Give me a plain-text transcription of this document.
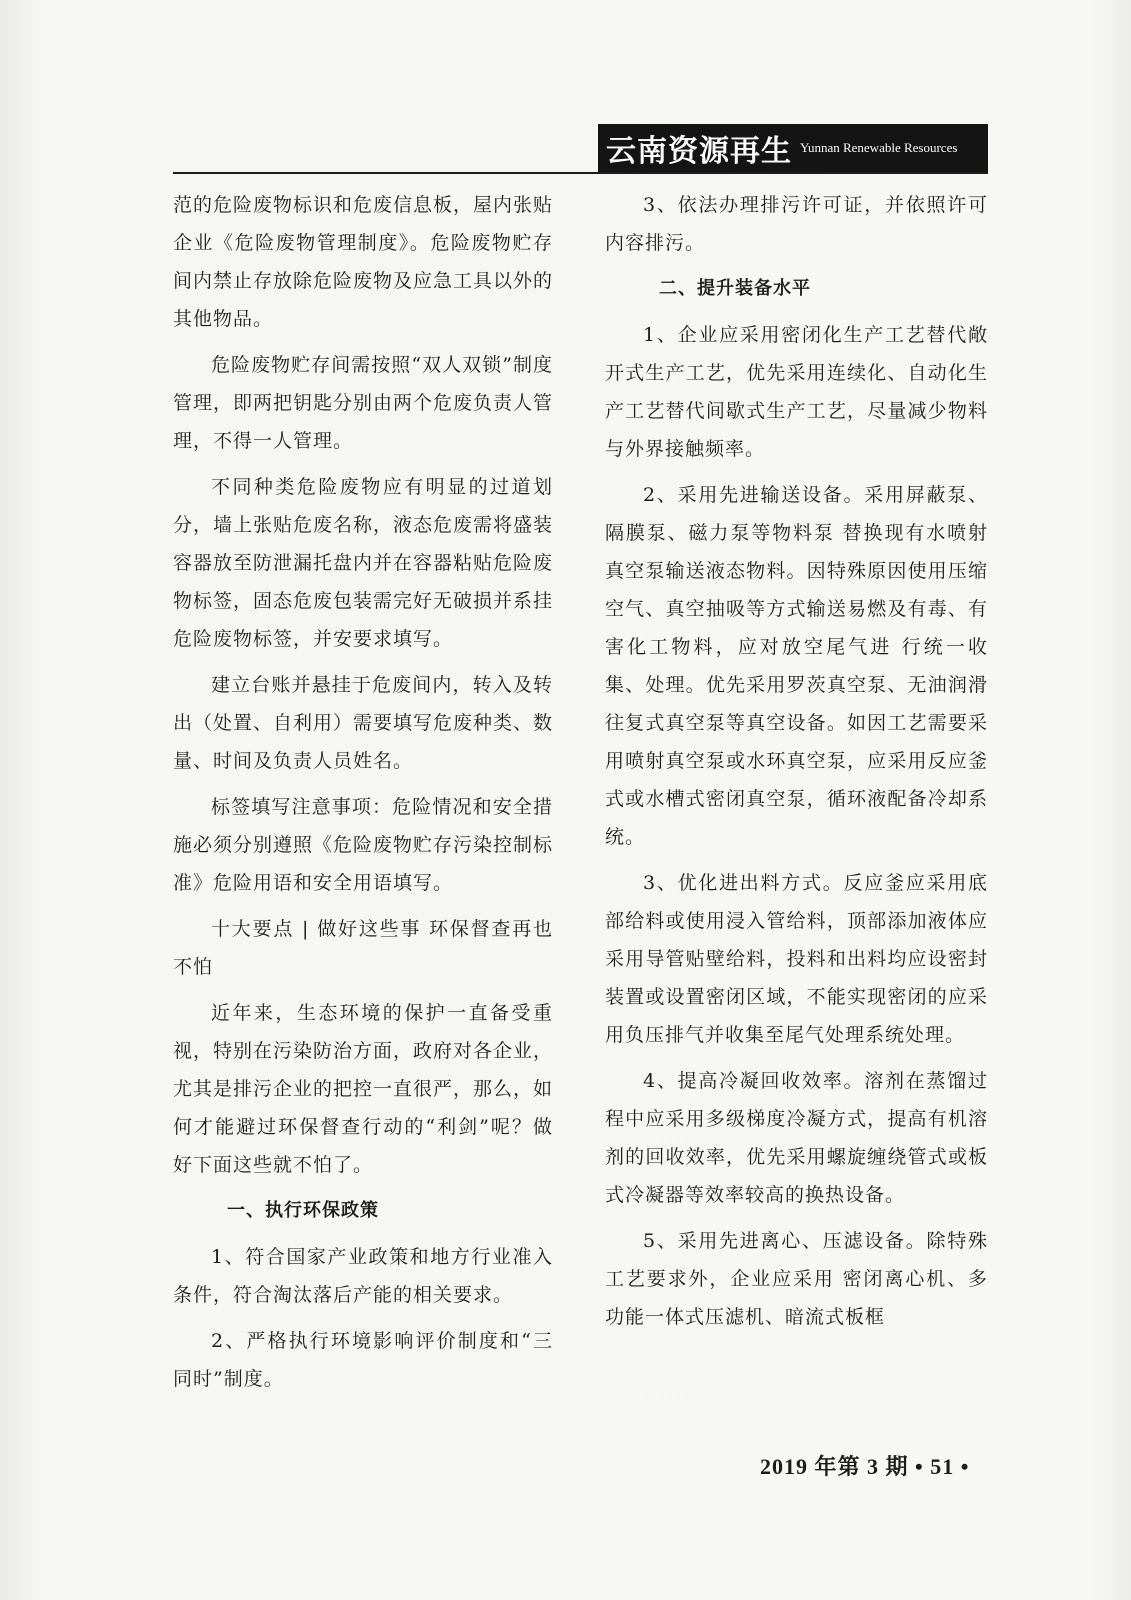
云南资源再生 Yunnan Renewable Resources

范的危险废物标识和危废信息板，屋内张贴企业《危险废物管理制度》。危险废物贮存间内禁止存放除危险废物及应急工具以外的其他物品。

危险废物贮存间需按照“双人双锁”制度管理，即两把钥匙分别由两个危废负责人管理，不得一人管理。

不同种类危险废物应有明显的过道划分，墙上张贴危废名称，液态危废需将盛装容器放至防泄漏托盘内并在容器粘贴危险废物标签，固态危废包装需完好无破损并系挂危险废物标签，并安要求填写。

建立台账并悬挂于危废间内，转入及转出（处置、自利用）需要填写危废种类、数量、时间及负责人员姓名。

标签填写注意事项：危险情况和安全措施必须分别遵照《危险废物贮存污染控制标准》危险用语和安全用语填写。

十大要点 | 做好这些事 环保督查再也不怕

近年来，生态环境的保护一直备受重视，特别在污染防治方面，政府对各企业，尤其是排污企业的把控一直很严，那么，如何才能避过环保督查行动的“利剑”呢？做好下面这些就不怕了。

一、执行环保政策

1、符合国家产业政策和地方行业准入条件，符合淘汰落后产能的相关要求。

2、严格执行环境影响评价制度和“三同时”制度。

3、依法办理排污许可证，并依照许可内容排污。

二、提升装备水平

1、企业应采用密闭化生产工艺替代敞开式生产工艺，优先采用连续化、自动化生产工艺替代间歇式生产工艺，尽量减少物料与外界接触频率。

2、采用先进输送设备。采用屏蔽泵、隔膜泵、磁力泵等物料泵 替换现有水喷射真空泵输送液态物料。因特殊原因使用压缩空气、真空抽吸等方式输送易燃及有毒、有害化工物料，应对放空尾气进 行统一收集、处理。优先采用罗茨真空泵、无油润滑往复式真空泵等真空设备。如因工艺需要采用喷射真空泵或水环真空泵，应采用反应釜式或水槽式密闭真空泵，循环液配备冷却系统。

3、优化进出料方式。反应釜应采用底部给料或使用浸入管给料，顶部添加液体应采用导管贴壁给料，投料和出料均应设密封装置或设置密闭区域，不能实现密闭的应采用负压排气并收集至尾气处理系统处理。

4、提高冷凝回收效率。溶剂在蒸馏过程中应采用多级梯度冷凝方式，提高有机溶剂的回收效率，优先采用螺旋缠绕管式或板式冷凝器等效率较高的换热设备。

5、采用先进离心、压滤设备。除特殊工艺要求外，企业应采用 密闭离心机、多功能一体式压滤机、暗流式板框

2019 年第 3 期 • 51 •
